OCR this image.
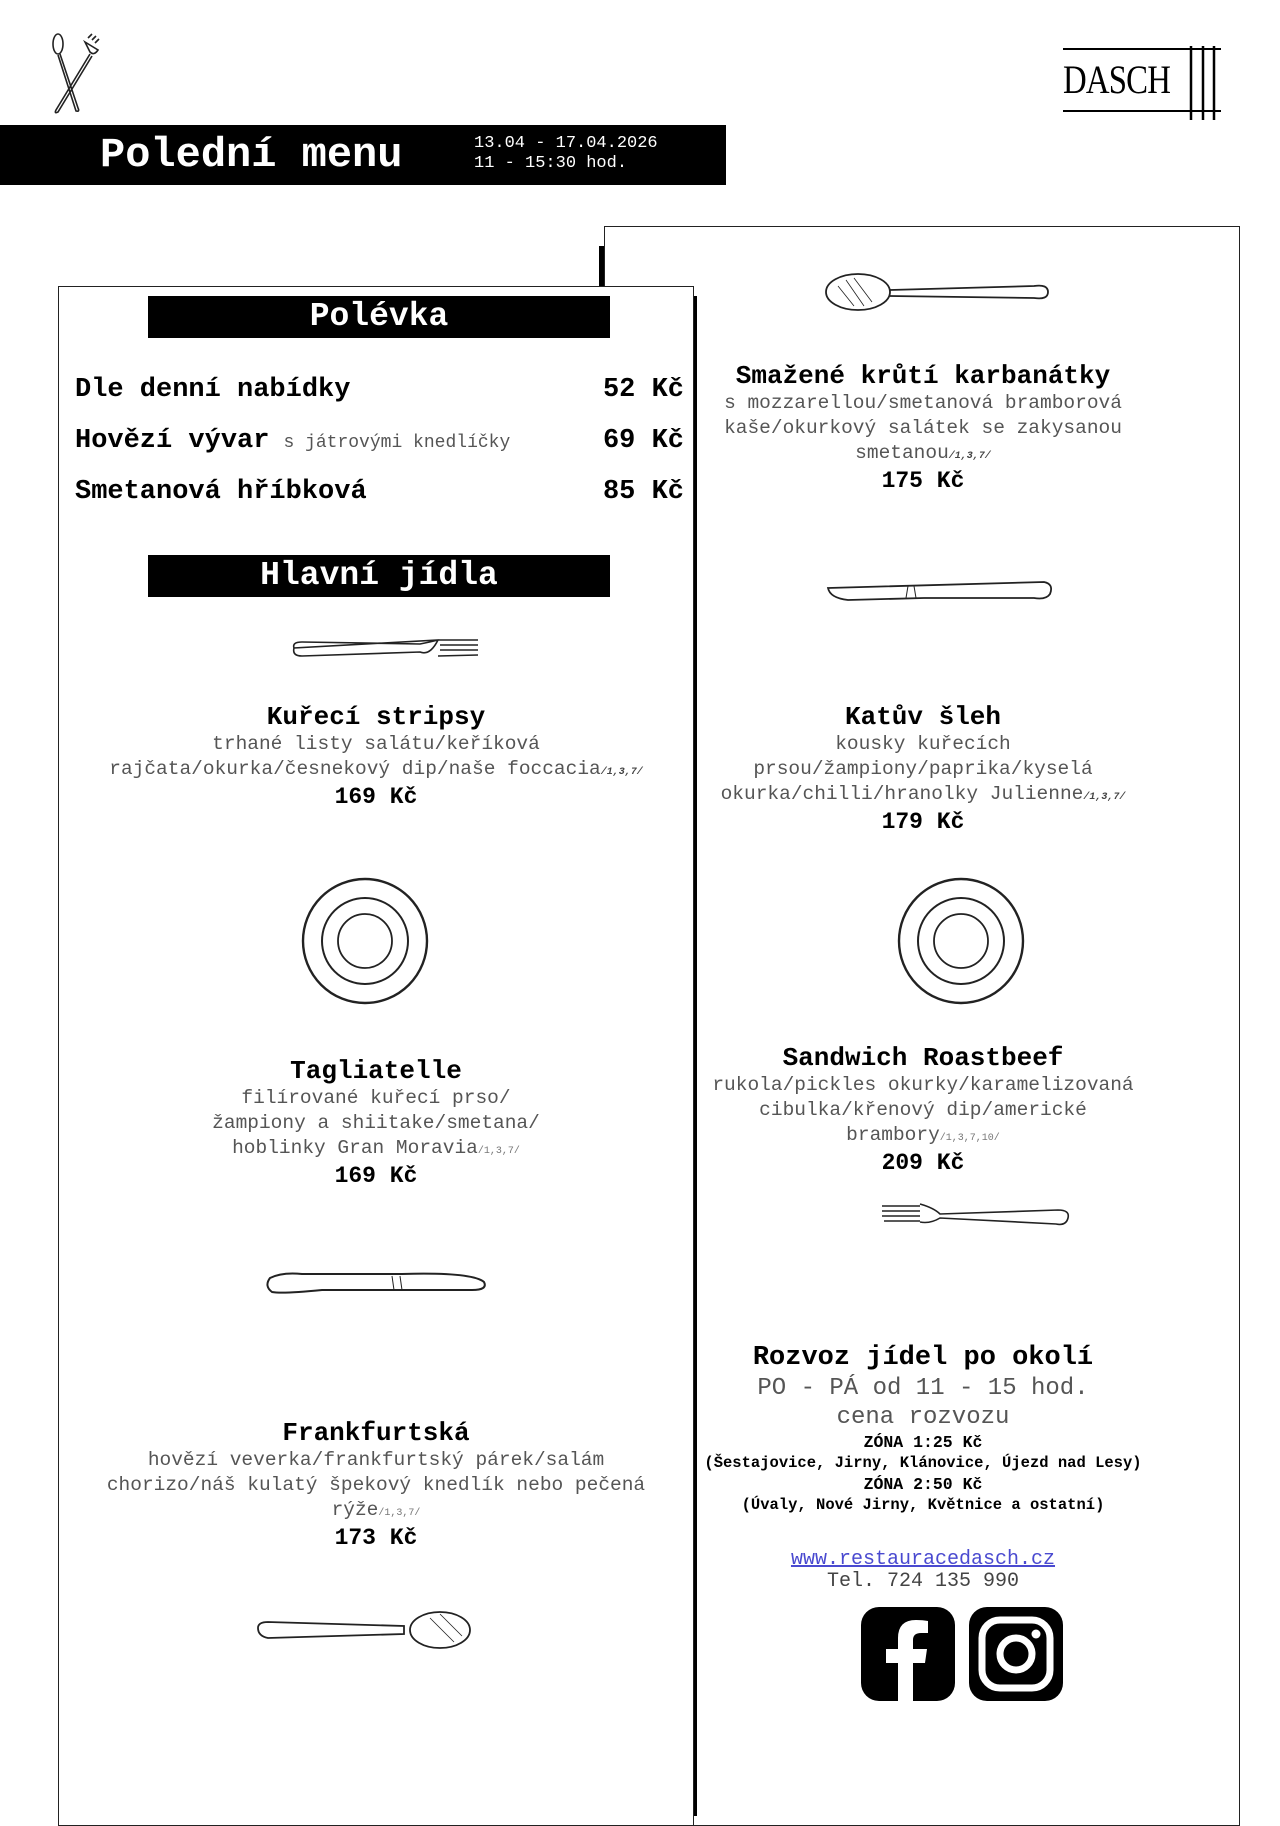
Polední menu	13.04 - 17.04.2026
11 - 15:30 hod.
DASCH
Polévka
Dle denní nabídky	52 Kč
Hovězí vývar s játrovými knedlíčky	69 Kč
Smetanová hříbková	85 Kč
Hlavní jídla
Kuřecí stripsy
trhané listy salátu/keříková
rajčata/okurka/česnekový dip/naše foccacia/1,3,7/
169 Kč
Tagliatelle
filírované kuřecí prso/
žampiony a shiitake/smetana/
hoblinky Gran Moravia/1,3,7/
169 Kč
Frankfurtská
hovězí veverka/frankfurtský párek/salám
chorizo/náš kulatý špekový knedlík nebo pečená
rýže/1,3,7/
173 Kč
Smažené krůtí karbanátky
s mozzarellou/smetanová bramborová
kaše/okurkový salátek se zakysanou
smetanou/1,3,7/
175 Kč
Katův šleh
kousky kuřecích
prsou/žampiony/paprika/kyselá
okurka/chilli/hranolky Julienne/1,3,7/
179 Kč
Sandwich Roastbeef
rukola/pickles okurky/karamelizovaná
cibulka/křenový dip/americké
brambory/1,3,7,10/
209 Kč
Rozvoz jídel po okolí
PO - PÁ od 11 - 15 hod.
cena rozvozu
ZÓNA 1:25 Kč
(Šestajovice, Jirny, Klánovice, Újezd nad Lesy)
ZÓNA 2:50 Kč
(Úvaly, Nové Jirny, Květnice a ostatní)
www.restauracedasch.cz
Tel. 724 135 990
